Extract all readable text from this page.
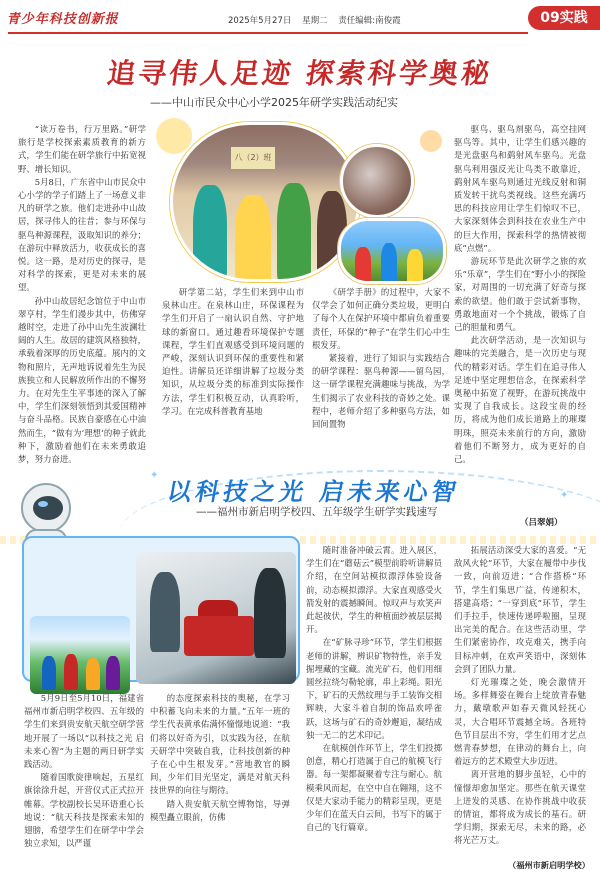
青少年科技创新报	2025年5月27日 星期二 责任编辑:南俊霞	09实践
追寻伟人足迹 探索科学奥秘
——中山市民众中心小学2025年研学实践活动纪实

“读万卷书，行万里路。”研学旅行是学校探索素质教育的新方式，学生们能在研学旅行中拓宽视野、增长知识。

5月8日，广东省中山市民众中心小学的学子们踏上了一场意义非凡的研学之旅。他们走进孙中山故居，探寻伟人的往昔；参与环保与驱鸟种源课程，汲取知识的养分；在游玩中释放活力，收获成长的喜悦。这一路，是对历史的探寻，是对科学的探索，更是对未来的展望。

孙中山故居纪念馆位于中山市翠亨村，学生们漫步其中，仿佛穿越时空，走进了孙中山先生波澜壮阔的人生。故居的建筑风格独特，承载着深厚的历史底蕴。展内的文物和照片，无声地诉说着先生为民族独立和人民解放所作出的不懈努力。在对先生生平事迹的深入了解中，学生们深刻领悟到其爱国精神与奋斗品格。民族自豪感在心中油然而生，“做有为‘理想’的种子就此种下，激励着他们在未来勇敢追梦，努力奋进。

八（2）班

研学第二站，学生们来到中山市泉林山庄。在泉林山庄，环保课程为学生们开启了一扇认识自然、守护地球的新窗口。通过趣看环境保护专题课程，学生们直观感受到环境问题的严峻，深刻认识到环保的重要性和紧迫性。讲解员还详细讲解了垃圾分类知识，从垃圾分类的标准到实际操作方法，学生们积极互动，认真聆听，学习。在完成科普教育基地

《研学手册》的过程中，大家不仅学会了如何正确分类垃圾，更明白了每个人在保护环境中都肩负着重要责任，环保的“种子”在学生们心中生根发芽。

紧接着，进行了知识与实践结合的研学课程：驱鸟种源——留鸟园，这一研学课程充满趣味与挑战，为学生们揭示了农业科技的奇妙之处。课程中，老师介绍了多种驱鸟方法，如回间置物

驱鸟、驱鸟剂驱鸟，高空挂网驱鸟等。其中，让学生们感兴趣的是光盘驱鸟和鹞射风车驱鸟。光盘驱鸟利用强反光让鸟类不敢靠近，鹞射风车驱鸟则通过光线反射和铜质发转干扰鸟类视线。这些充满巧思的科技应用让学生们惊叹不已，大家深刻体会到科技在农业生产中的巨大作用，探索科学的热情被彻底“点燃”。

游玩环节是此次研学之旅的欢乐“乐章”，学生们在“野小小的探险家，对周围的一切充满了好奇与探索的欲望。他们敢于尝试新事物，勇敢地面对一个个挑战，锻炼了自己的胆量和勇气。

此次研学活动，是一次知识与趣味的完美融合，是一次历史与现代的精彩对话。学生们在追寻伟人足迹中坚定理想信念，在探索科学奥秘中拓宽了视野，在游玩挑战中实现了自我成长。这段宝贵的经历，将成为他们成长道路上的璀璨明珠，照亮未来前行的方向，激励着他们不断努力，成为更好的自己。

（吕翠娟）
✦
✦
以科技之光 启未来心智
——福州市新启明学校四、五年级学生研学实践速写

5月9日至5月10日，福建省福州市新启明学校四、五年级的学生们来到贵安航天航空研学营地开展了一场以“以科技之光 启未来心智”为主题的两日研学实践活动。

随着国歌旋律响起，五星红旗徐徐升起，开营仪式正式拉开帷幕。学校副校长吴环语重心长地说：“航天科技是探索未知的翅膀，希望学生们在研学中学会独立求知，以严谨

的态度探索科技的奥秘，在学习中积蓄飞向未来的力量。”五年一班的学生代表黄承佑满怀憧憬地说道：“我们将以好奇为引，以实践为径，在航天研学中突破自我，让科技创新的种子在心中生根发芽。”营地教官的瞬间，少年们目光坚定，满是对航天科技世界的向往与期待。

踏入贵安航天航空博物馆，导弹模型矗立眼前，仿佛

随时准备冲破云霄。进入展区，学生们在“蘑菇云”模型前聆听讲解员介绍，在空间站模拟漂浮体验设备前，动态模拟漂浮。大家直观感受火箭发射的震撼瞬间。惊叹声与欢笑声此起彼伏，学生的种植面纱被层层揭开。

在“矿脉寻珍”环节，学生们根据老师的讲解，辨识矿物特性，亲手发掘埋藏的宝藏。流光矿石，他们用细圆丝拉绕匀勒轮廓，串上彩绳。阳光下，矿石的天然纹理与手工装饰交相辉映，大家斗着自制的饰品欢呼雀跃，这场与矿石的奇妙邂逅，凝结成独一无二的艺术印记。

在航模创作环节上，学生们投掷创意，精心打造属于自己的航模飞行器。每一架都凝聚着专注与耐心。航模乘风而起，在空中自在翱翔，这不仅是大家动手能力的精彩呈现，更是少年们在蓝天白云间，书写下的属于自己的飞行篇章。

拓展活动深受大家的喜爱。“无敌风火轮”环节，大家在履带中步伐一致，向前迈进；“合作搭桥”环节，学生们集思广益，传递积木，搭建高塔；“一穿到底”环节，学生们手拉手，快速传递呼啦圈，呈现出完美的配合。在这些活动里，学生们紧密协作，攻克难关，携手向目标冲刺，在欢声笑语中，深刻体会到了团队力量。

灯光璀璨之处，晚会激情开场。多样舞姿在舞台上绽放青春魅力，戴墩歌声如春天微风轻抚心灵，大合唱环节震撼全场。各班特色节目层出不穷，学生们用才艺点燃青春梦想，在律动的舞台上，向着远方的艺术殿堂大步迈进。

离开营地的脚步虽轻，心中的憧憬却愈加坚定。那些在航天课堂上迸发的灵感、在协作挑战中收获的情谊，都将成为成长的基石。研学归期，探索无尽，未来的路，必将光芒万丈。

（福州市新启明学校）
